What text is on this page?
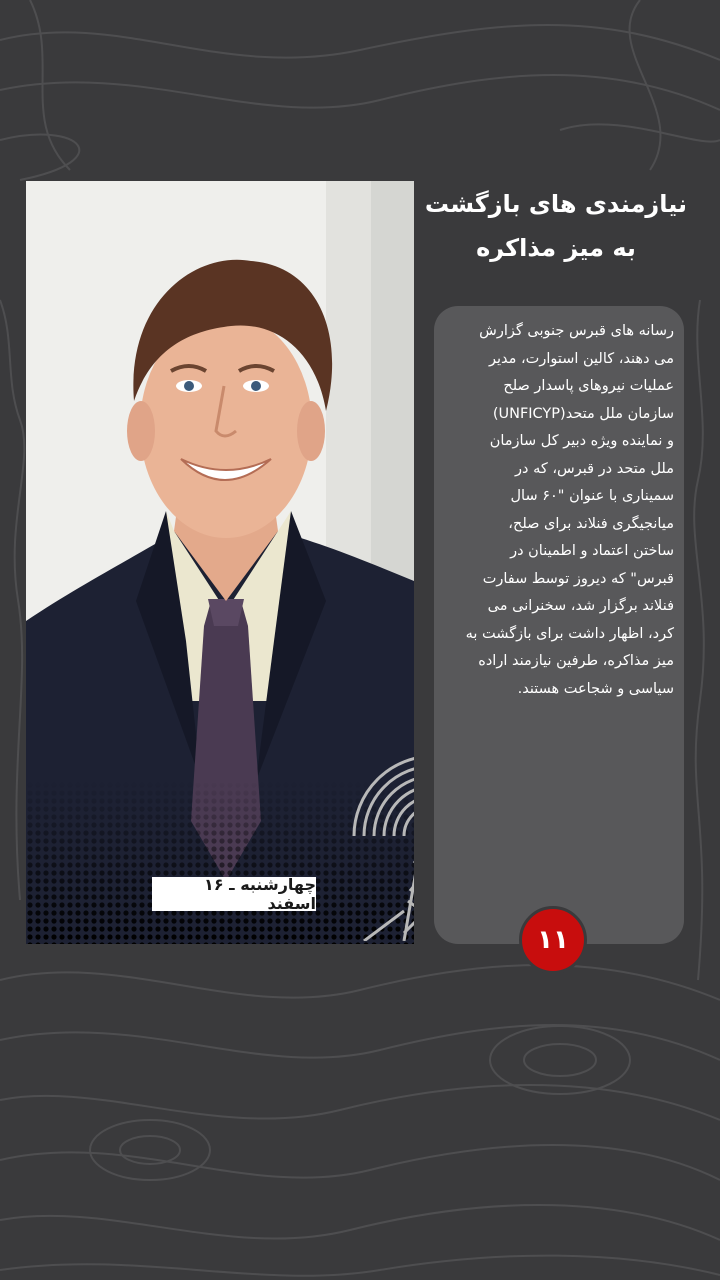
چهارشنبه ـ ۱۶ اسفند
نیازمندی های بازگشت
به میز مذاکره
رسانه های قبرس جنوبی گزارش
می دهند، کالین استوارت، مدیر
عملیات نیروهای پاسدار صلح
سازمان ملل متحد(UNFICYP)
و نماینده ویژه دبیر کل سازمان
ملل متحد در قبرس، که در
سمیناری با عنوان "۶۰ سال
میانجیگری فنلاند برای صلح،
ساختن اعتماد و اطمینان در
قبرس" که دیروز توسط سفارت
فنلاند برگزار شد، سخنرانی می
کرد، اظهار داشت برای بازگشت به
میز مذاکره، طرفین نیازمند اراده
سیاسی و شجاعت هستند.
۱۱
